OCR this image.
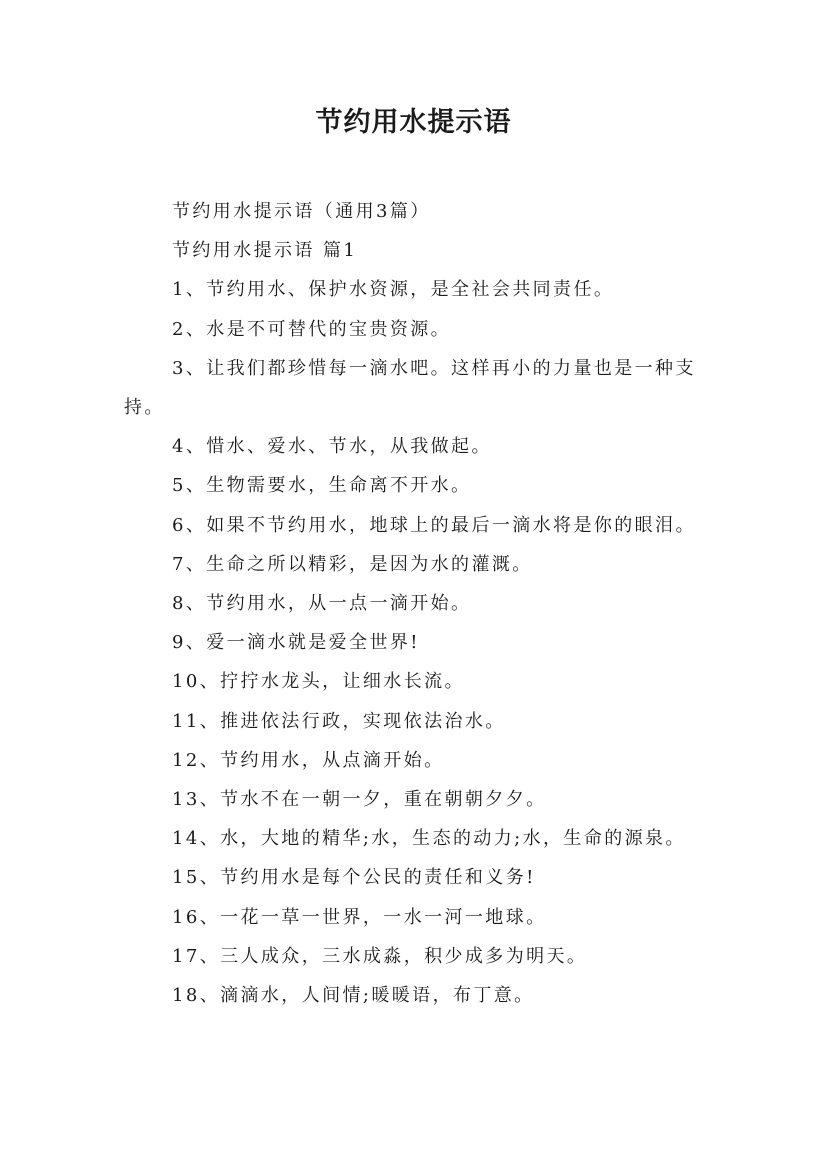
节约用水提示语

节约用水提示语（通用3篇）

节约用水提示语 篇1

1、节约用水、保护水资源，是全社会共同责任。

2、水是不可替代的宝贵资源。

3、让我们都珍惜每一滴水吧。这样再小的力量也是一种支持。

4、惜水、爱水、节水，从我做起。

5、生物需要水，生命离不开水。

6、如果不节约用水，地球上的最后一滴水将是你的眼泪。

7、生命之所以精彩，是因为水的灌溉。

8、节约用水，从一点一滴开始。

9、爱一滴水就是爱全世界!

10、拧拧水龙头，让细水长流。

11、推进依法行政，实现依法治水。

12、节约用水，从点滴开始。

13、节水不在一朝一夕，重在朝朝夕夕。

14、水，大地的精华;水，生态的动力;水，生命的源泉。

15、节约用水是每个公民的责任和义务!

16、一花一草一世界，一水一河一地球。

17、三人成众，三水成淼，积少成多为明天。

18、滴滴水，人间情;暖暖语，布丁意。
